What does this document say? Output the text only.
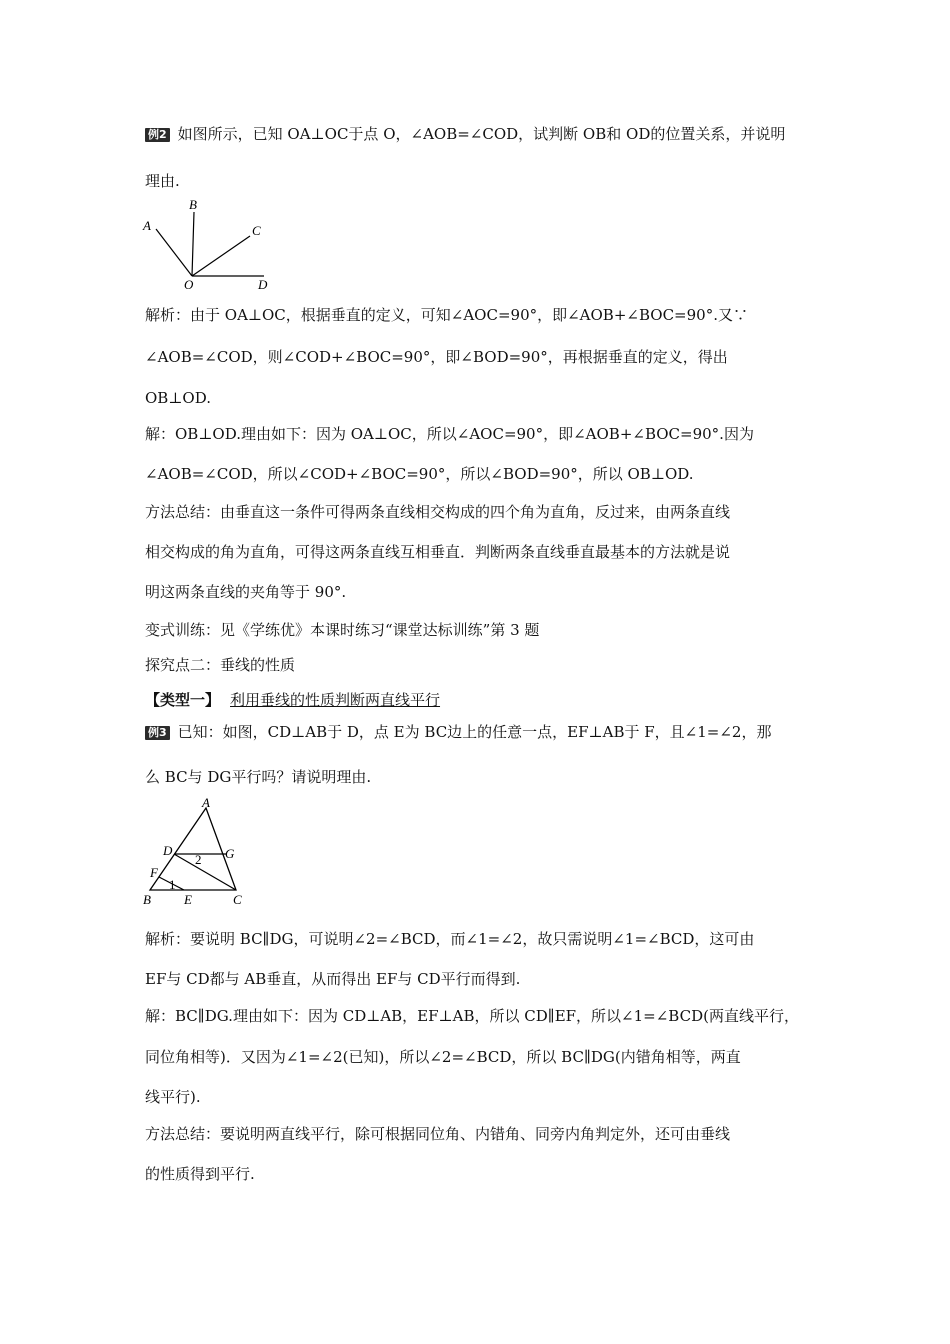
例2 如图所示，已知 OA⊥OC于点 O，∠AOB=∠COD，试判断 OB和 OD的位置关系，并说明
理由.
A
B
C
O	D
解析：由于 OA⊥OC，根据垂直的定义，可知∠AOC=90°，即∠AOB+∠BOC=90°.又∵
∠AOB=∠COD，则∠COD+∠BOC=90°，即∠BOD=90°，再根据垂直的定义，得出
OB⊥OD.
解：OB⊥OD.理由如下：因为 OA⊥OC，所以∠AOC=90°，即∠AOB+∠BOC=90°.因为
∠AOB=∠COD，所以∠COD+∠BOC=90°，所以∠BOD=90°，所以 OB⊥OD.
方法总结：由垂直这一条件可得两条直线相交构成的四个角为直角，反过来，由两条直线
相交构成的角为直角，可得这两条直线互相垂直．判断两条直线垂直最基本的方法就是说
明这两条直线的夹角等于 90°.
变式训练：见《学练优》本课时练习“课堂达标训练”第 3 题
探究点二：垂线的性质
【类型一】 利用垂线的性质判断两直线平行
例3 已知：如图，CD⊥AB于 D，点 E为 BC边上的任意一点，EF⊥AB于 F，且∠1=∠2，那
么 BC与 DG平行吗？请说明理由.
A
D	G
F
B	E	C
1
2
解析：要说明 BC∥DG，可说明∠2=∠BCD，而∠1=∠2，故只需说明∠1=∠BCD，这可由
EF与 CD都与 AB垂直，从而得出 EF与 CD平行而得到.
解：BC∥DG.理由如下：因为 CD⊥AB，EF⊥AB，所以 CD∥EF，所以∠1=∠BCD(两直线平行，
同位角相等)．又因为∠1=∠2(已知)，所以∠2=∠BCD，所以 BC∥DG(内错角相等，两直
线平行).
方法总结：要说明两直线平行，除可根据同位角、内错角、同旁内角判定外，还可由垂线
的性质得到平行.
